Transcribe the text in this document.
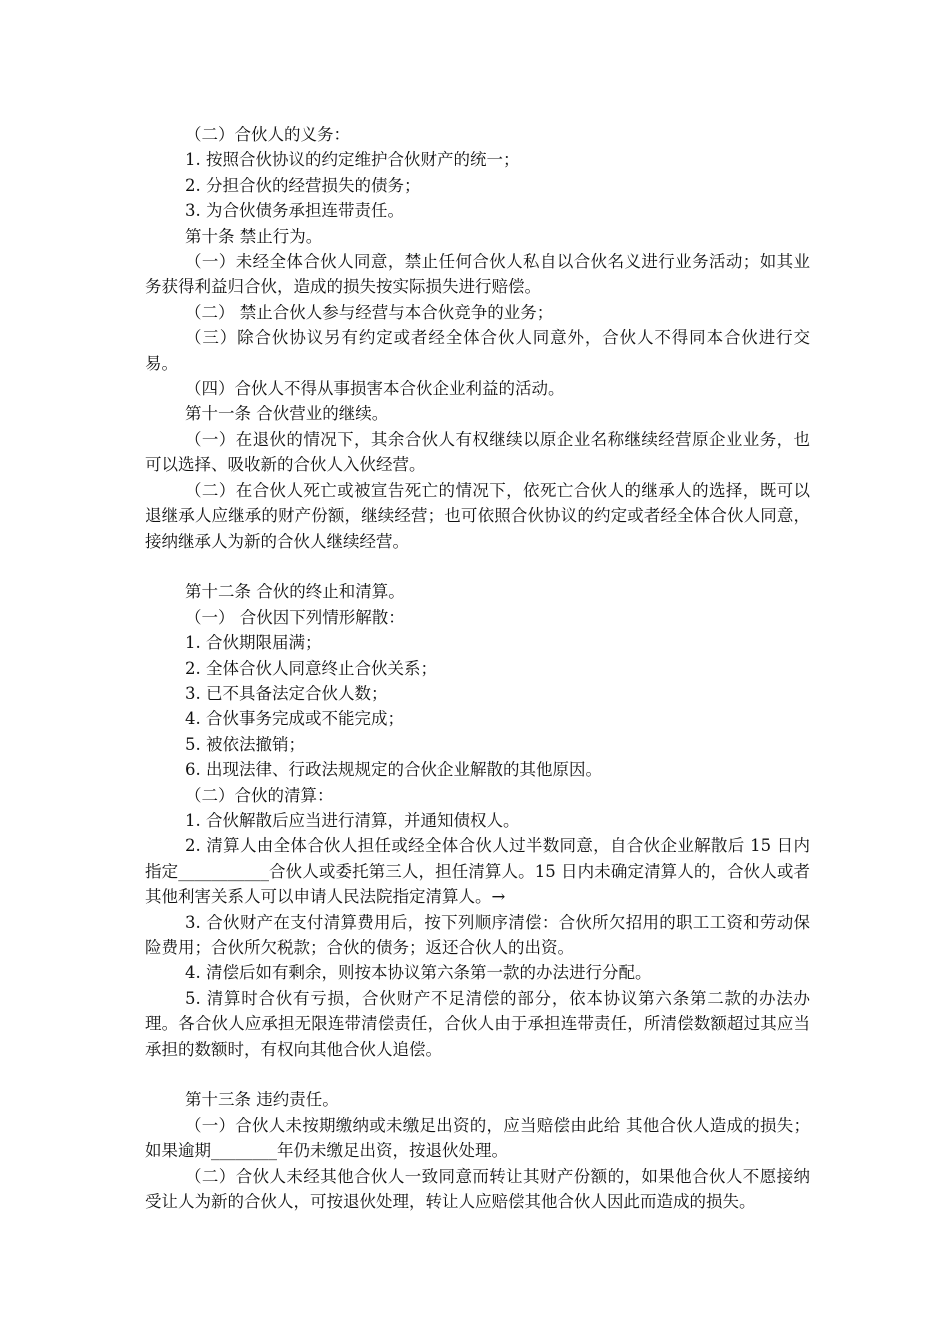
（二）合伙人的义务：

1. 按照合伙协议的约定维护合伙财产的统一；

2. 分担合伙的经营损失的债务；

3. 为合伙债务承担连带责任。

第十条 禁止行为。

（一）未经全体合伙人同意，禁止任何合伙人私自以合伙名义进行业务活动；如其业务获得利益归合伙，造成的损失按实际损失进行赔偿。

（二） 禁止合伙人参与经营与本合伙竞争的业务；

（三）除合伙协议另有约定或者经全体合伙人同意外，合伙人不得同本合伙进行交易。

（四）合伙人不得从事损害本合伙企业利益的活动。

第十一条 合伙营业的继续。

（一）在退伙的情况下，其余合伙人有权继续以原企业名称继续经营原企业业务，也可以选择、吸收新的合伙人入伙经营。

（二）在合伙人死亡或被宣告死亡的情况下，依死亡合伙人的继承人的选择，既可以退继承人应继承的财产份额，继续经营；也可依照合伙协议的约定或者经全体合伙人同意，接纳继承人为新的合伙人继续经营。

第十二条 合伙的终止和清算。

（一） 合伙因下列情形解散：

1. 合伙期限届满；

2. 全体合伙人同意终止合伙关系；

3. 已不具备法定合伙人数；

4. 合伙事务完成或不能完成；

5. 被依法撤销；

6. 出现法律、行政法规规定的合伙企业解散的其他原因。

（二）合伙的清算：

1. 合伙解散后应当进行清算，并通知债权人。

2. 清算人由全体合伙人担任或经全体合伙人过半数同意，自合伙企业解散后 15 日内指定___________合伙人或委托第三人，担任清算人。15 日内未确定清算人的，合伙人或者其他利害关系人可以申请人民法院指定清算人。→

3. 合伙财产在支付清算费用后，按下列顺序清偿：合伙所欠招用的职工工资和劳动保险费用；合伙所欠税款；合伙的债务；返还合伙人的出资。

4. 清偿后如有剩余，则按本协议第六条第一款的办法进行分配。

5. 清算时合伙有亏损，合伙财产不足清偿的部分，依本协议第六条第二款的办法办理。各合伙人应承担无限连带清偿责任，合伙人由于承担连带责任，所清偿数额超过其应当承担的数额时，有权向其他合伙人追偿。

第十三条 违约责任。

（一）合伙人未按期缴纳或未缴足出资的，应当赔偿由此给 其他合伙人造成的损失；如果逾期________年仍未缴足出资，按退伙处理。

（二）合伙人未经其他合伙人一致同意而转让其财产份额的，如果他合伙人不愿接纳受让人为新的合伙人，可按退伙处理，转让人应赔偿其他合伙人因此而造成的损失。
